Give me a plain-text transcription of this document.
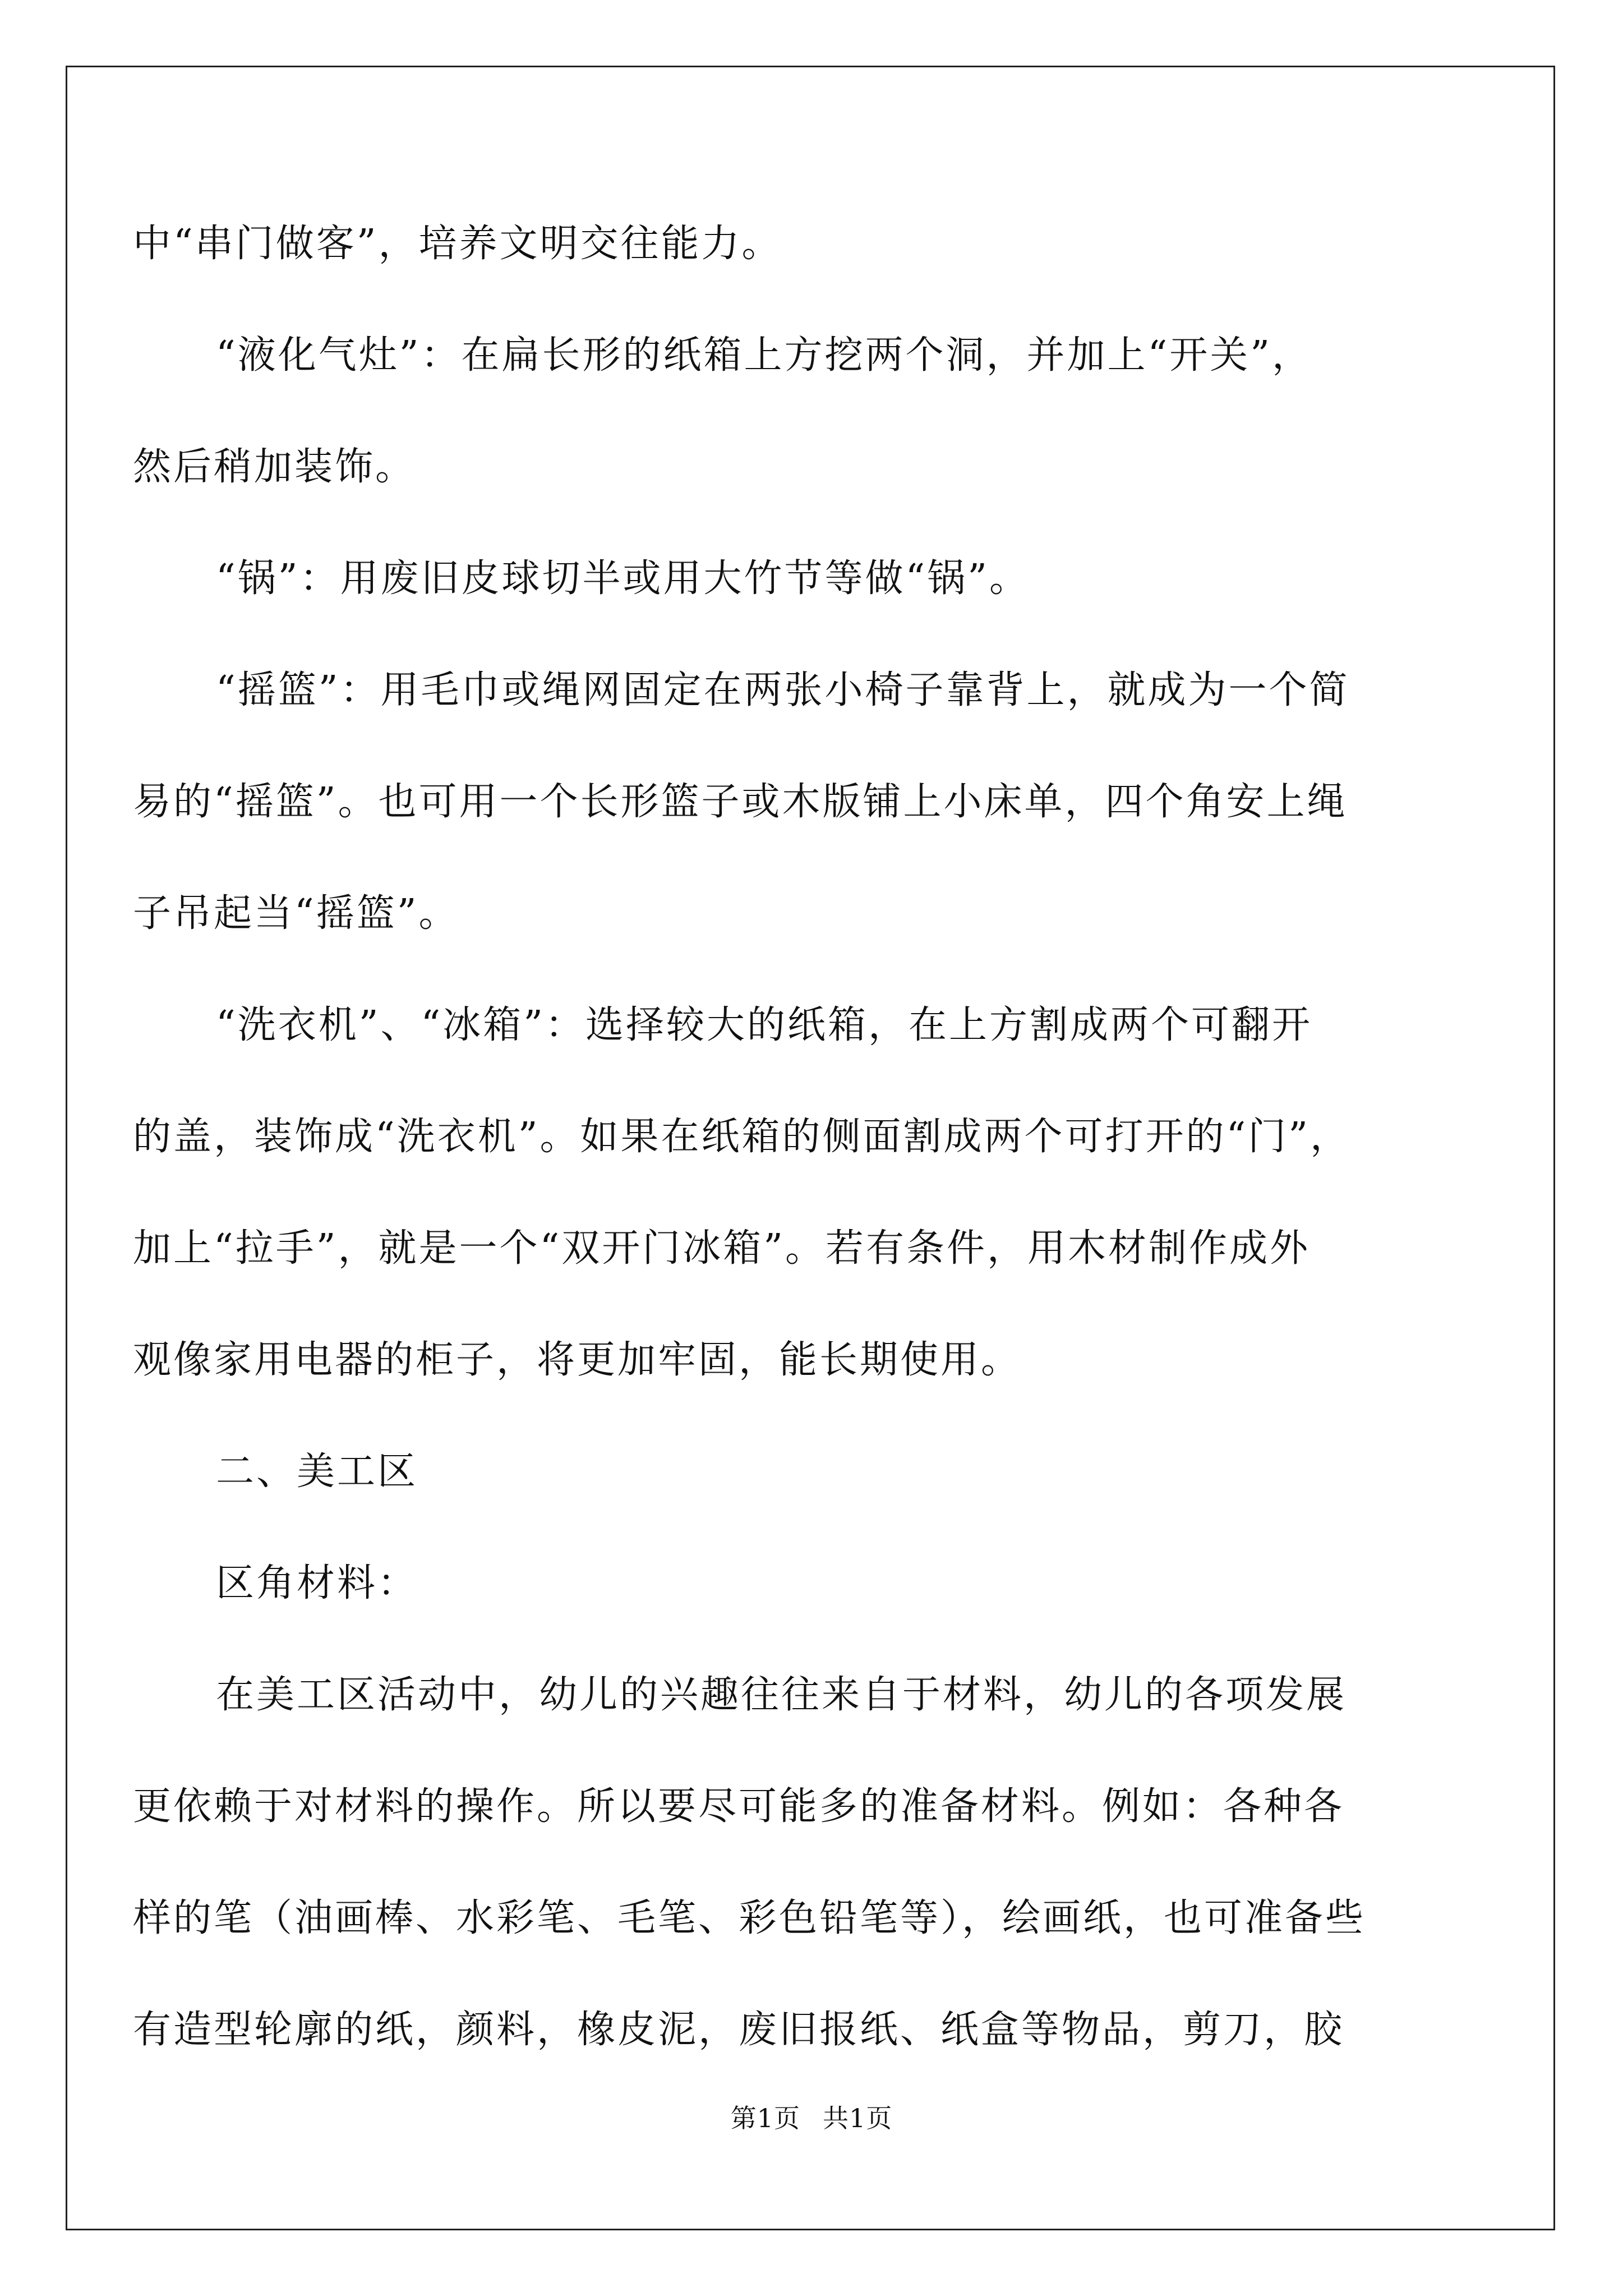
中“串门做客”，培养文明交往能力。

“液化气灶”：在扁长形的纸箱上方挖两个洞，并加上“开关”，

然后稍加装饰。

“锅”：用废旧皮球切半或用大竹节等做“锅”。

“摇篮”：用毛巾或绳网固定在两张小椅子靠背上，就成为一个简

易的“摇篮”。也可用一个长形篮子或木版铺上小床单，四个角安上绳

子吊起当“摇篮”。

“洗衣机”、“冰箱”：选择较大的纸箱，在上方割成两个可翻开

的盖，装饰成“洗衣机”。如果在纸箱的侧面割成两个可打开的“门”，

加上“拉手”，就是一个“双开门冰箱”。若有条件，用木材制作成外

观像家用电器的柜子，将更加牢固，能长期使用。

二、美工区

区角材料：

在美工区活动中，幼儿的兴趣往往来自于材料，幼儿的各项发展

更依赖于对材料的操作。所以要尽可能多的准备材料。例如：各种各

样的笔（油画棒、水彩笔、毛笔、彩色铅笔等），绘画纸，也可准备些

有造型轮廓的纸，颜料，橡皮泥，废旧报纸、纸盒等物品，剪刀，胶

第1页 共1页
